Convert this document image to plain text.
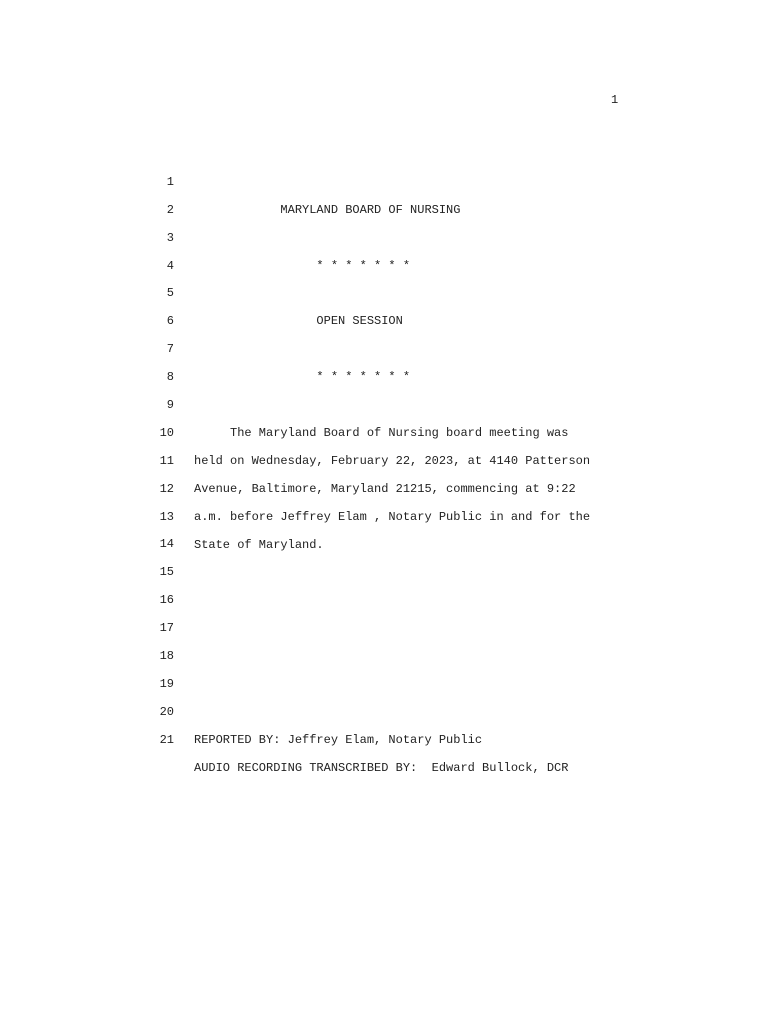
1

1

MARYLAND BOARD OF NURSING

2

3

* * * * * * *

4

5

OPEN SESSION

6

7

* * * * * * *

8

9

The Maryland Board of Nursing board meeting was

10

held on Wednesday, February 22, 2023, at 4140 Patterson

11

Avenue, Baltimore, Maryland 21215, commencing at 9:22

12

a.m. before Jeffrey Elam , Notary Public in and for the

13

State of Maryland.

14

15

16

17

18

19

20

REPORTED BY: Jeffrey Elam, Notary Public

21

AUDIO RECORDING TRANSCRIBED BY:  Edward Bullock, DCR
